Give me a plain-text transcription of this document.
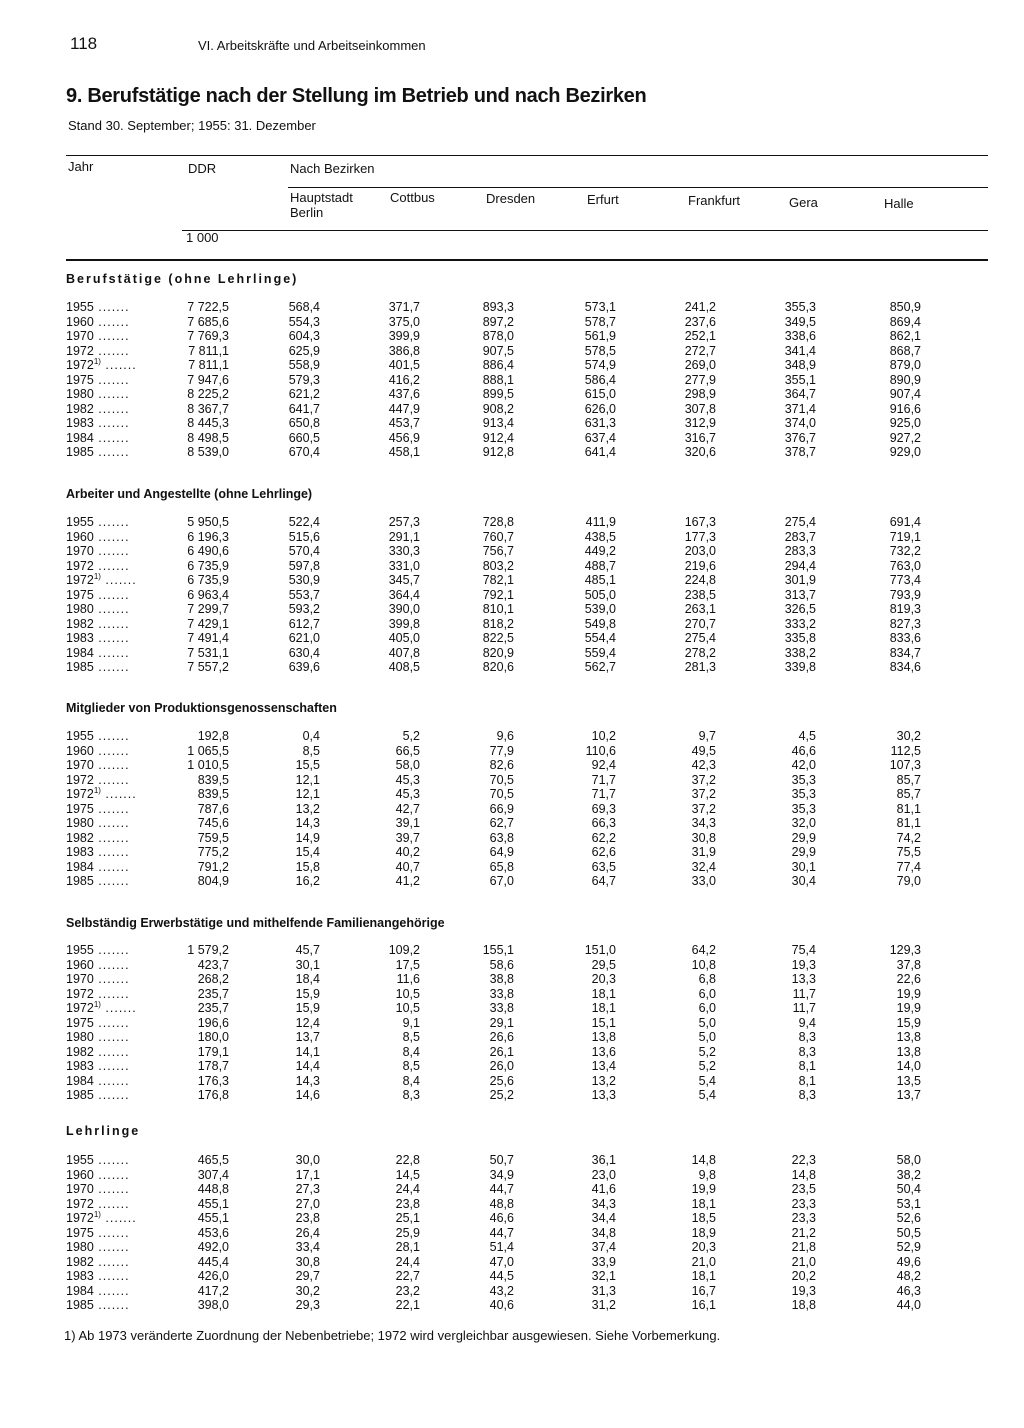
118	VI. Arbeitskräfte und Arbeitseinkommen
9. Berufstätige nach der Stellung im Betrieb und nach Bezirken
Stand 30. September; 1955: 31. Dezember
Jahr	DDR	Nach Bezirken
1 000
Hauptstadt
Berlin
Cottbus	Dresden	Erfurt	Frankfurt	Gera	Halle
Berufstätige (ohne Lehrlinge)
1955 .......	7 722,5	568,4	371,7	893,3	573,1	241,2	355,3	850,9
1960 .......	7 685,6	554,3	375,0	897,2	578,7	237,6	349,5	869,4
1970 .......	7 769,3	604,3	399,9	878,0	561,9	252,1	338,6	862,1
1972 .......	7 811,1	625,9	386,8	907,5	578,5	272,7	341,4	868,7
1972$^{1)}$ .......	7 811,1	558,9	401,5	886,4	574,9	269,0	348,9	879,0
1975 .......	7 947,6	579,3	416,2	888,1	586,4	277,9	355,1	890,9
1980 .......	8 225,2	621,2	437,6	899,5	615,0	298,9	364,7	907,4
1982 .......	8 367,7	641,7	447,9	908,2	626,0	307,8	371,4	916,6
1983 .......	8 445,3	650,8	453,7	913,4	631,3	312,9	374,0	925,0
1984 .......	8 498,5	660,5	456,9	912,4	637,4	316,7	376,7	927,2
1985 .......	8 539,0	670,4	458,1	912,8	641,4	320,6	378,7	929,0
Arbeiter und Angestellte (ohne Lehrlinge)
1955 .......	5 950,5	522,4	257,3	728,8	411,9	167,3	275,4	691,4
1960 .......	6 196,3	515,6	291,1	760,7	438,5	177,3	283,7	719,1
1970 .......	6 490,6	570,4	330,3	756,7	449,2	203,0	283,3	732,2
1972 .......	6 735,9	597,8	331,0	803,2	488,7	219,6	294,4	763,0
1972$^{1)}$ .......	6 735,9	530,9	345,7	782,1	485,1	224,8	301,9	773,4
1975 .......	6 963,4	553,7	364,4	792,1	505,0	238,5	313,7	793,9
1980 .......	7 299,7	593,2	390,0	810,1	539,0	263,1	326,5	819,3
1982 .......	7 429,1	612,7	399,8	818,2	549,8	270,7	333,2	827,3
1983 .......	7 491,4	621,0	405,0	822,5	554,4	275,4	335,8	833,6
1984 .......	7 531,1	630,4	407,8	820,9	559,4	278,2	338,2	834,7
1985 .......	7 557,2	639,6	408,5	820,6	562,7	281,3	339,8	834,6
Mitglieder von Produktionsgenossenschaften
1955 .......	192,8	0,4	5,2	9,6	10,2	9,7	4,5	30,2
1960 .......	1 065,5	8,5	66,5	77,9	110,6	49,5	46,6	112,5
1970 .......	1 010,5	15,5	58,0	82,6	92,4	42,3	42,0	107,3
1972 .......	839,5	12,1	45,3	70,5	71,7	37,2	35,3	85,7
1972$^{1)}$ .......	839,5	12,1	45,3	70,5	71,7	37,2	35,3	85,7
1975 .......	787,6	13,2	42,7	66,9	69,3	37,2	35,3	81,1
1980 .......	745,6	14,3	39,1	62,7	66,3	34,3	32,0	81,1
1982 .......	759,5	14,9	39,7	63,8	62,2	30,8	29,9	74,2
1983 .......	775,2	15,4	40,2	64,9	62,6	31,9	29,9	75,5
1984 .......	791,2	15,8	40,7	65,8	63,5	32,4	30,1	77,4
1985 .......	804,9	16,2	41,2	67,0	64,7	33,0	30,4	79,0
Selbständig Erwerbstätige und mithelfende Familienangehörige
1955 .......	1 579,2	45,7	109,2	155,1	151,0	64,2	75,4	129,3
1960 .......	423,7	30,1	17,5	58,6	29,5	10,8	19,3	37,8
1970 .......	268,2	18,4	11,6	38,8	20,3	6,8	13,3	22,6
1972 .......	235,7	15,9	10,5	33,8	18,1	6,0	11,7	19,9
1972$^{1)}$ .......	235,7	15,9	10,5	33,8	18,1	6,0	11,7	19,9
1975 .......	196,6	12,4	9,1	29,1	15,1	5,0	9,4	15,9
1980 .......	180,0	13,7	8,5	26,6	13,8	5,0	8,3	13,8
1982 .......	179,1	14,1	8,4	26,1	13,6	5,2	8,3	13,8
1983 .......	178,7	14,4	8,5	26,0	13,4	5,2	8,1	14,0
1984 .......	176,3	14,3	8,4	25,6	13,2	5,4	8,1	13,5
1985 .......	176,8	14,6	8,3	25,2	13,3	5,4	8,3	13,7
Lehrlinge
1955 .......	465,5	30,0	22,8	50,7	36,1	14,8	22,3	58,0
1960 .......	307,4	17,1	14,5	34,9	23,0	9,8	14,8	38,2
1970 .......	448,8	27,3	24,4	44,7	41,6	19,9	23,5	50,4
1972 .......	455,1	27,0	23,8	48,8	34,3	18,1	23,3	53,1
1972$^{1)}$ .......	455,1	23,8	25,1	46,6	34,4	18,5	23,3	52,6
1975 .......	453,6	26,4	25,9	44,7	34,8	18,9	21,2	50,5
1980 .......	492,0	33,4	28,1	51,4	37,4	20,3	21,8	52,9
1982 .......	445,4	30,8	24,4	47,0	33,9	21,0	21,0	49,6
1983 .......	426,0	29,7	22,7	44,5	32,1	18,1	20,2	48,2
1984 .......	417,2	30,2	23,2	43,2	31,3	16,7	19,3	46,3
1985 .......	398,0	29,3	22,1	40,6	31,2	16,1	18,8	44,0
1) Ab 1973 veränderte Zuordnung der Nebenbetriebe; 1972 wird vergleichbar ausgewiesen. Siehe Vorbemerkung.
